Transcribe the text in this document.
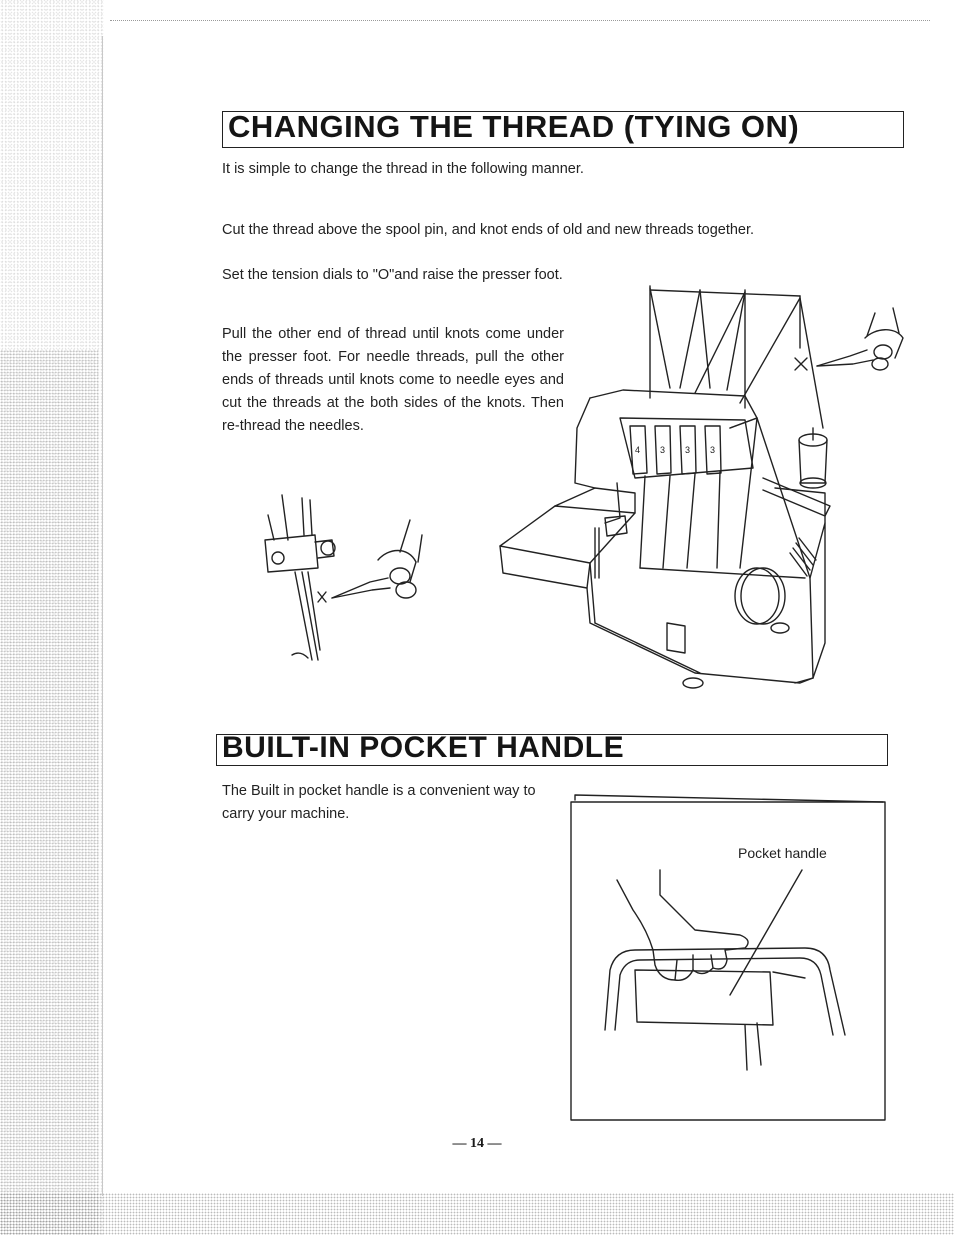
CHANGING THE THREAD (TYING ON)
It is simple to change the thread in the following manner.
Cut the thread above the spool pin, and knot ends of old and new threads together.
Set the tension dials to "O"and raise the presser foot.
Pull the other end of thread until knots come under the presser foot. For needle threads, pull the other ends of threads until knots come to needle eyes and cut the threads at the both sides of the knots. Then re-thread the needles.
4 3 3 3
BUILT-IN POCKET HANDLE
The Built in pocket handle is a convenient way to carry your machine.
Pocket handle
— 14 —
